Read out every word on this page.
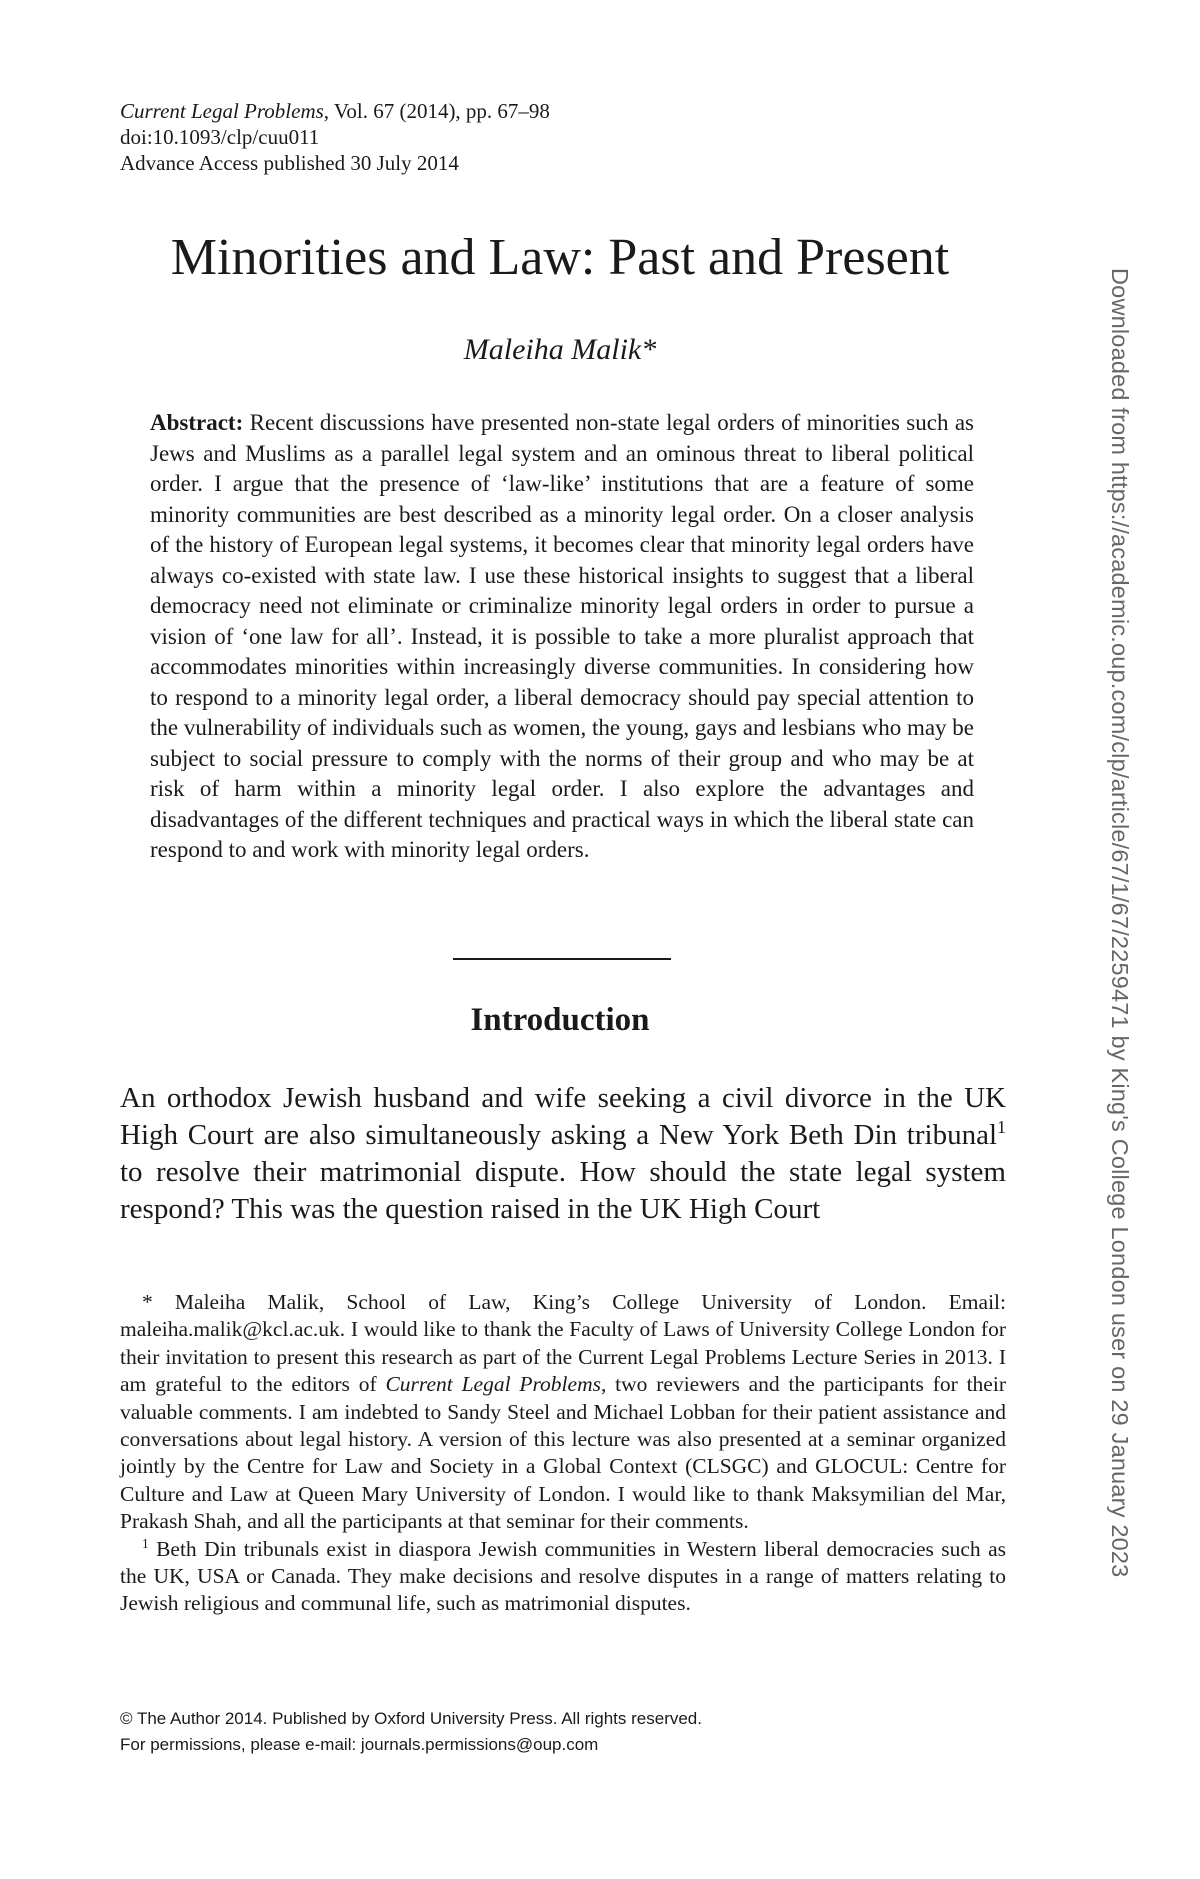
Current Legal Problems, Vol. 67 (2014), pp. 67–98
doi:10.1093/clp/cuu011
Advance Access published 30 July 2014
Minorities and Law: Past and Present
Maleiha Malik*

Abstract: Recent discussions have presented non-state legal orders of minorities such as Jews and Muslims as a parallel legal system and an ominous threat to liberal political order. I argue that the presence of ‘law-like’ institutions that are a feature of some minority communities are best described as a minority legal order. On a closer analysis of the history of European legal systems, it becomes clear that minority legal orders have always co-existed with state law. I use these historical insights to suggest that a liberal democracy need not eliminate or criminalize minority legal orders in order to pursue a vision of ‘one law for all’. Instead, it is possible to take a more pluralist approach that accommodates minorities within increasingly diverse communities. In considering how to respond to a minority legal order, a liberal democracy should pay special attention to the vulnerability of individuals such as women, the young, gays and lesbians who may be subject to social pressure to comply with the norms of their group and who may be at risk of harm within a minority legal order. I also explore the advantages and disadvantages of the different techniques and practical ways in which the liberal state can respond to and work with minority legal orders.

Introduction

An orthodox Jewish husband and wife seeking a civil divorce in the UK High Court are also simultaneously asking a New York Beth Din tribunal$^1$ to resolve their matrimonial dispute. How should the state legal system respond? This was the question raised in the UK High Court

* Maleiha Malik, School of Law, King’s College University of London. Email: maleiha.malik@kcl.ac.uk. I would like to thank the Faculty of Laws of University College London for their invitation to present this research as part of the Current Legal Problems Lecture Series in 2013. I am grateful to the editors of Current Legal Problems, two reviewers and the participants for their valuable comments. I am indebted to Sandy Steel and Michael Lobban for their patient assistance and conversations about legal history. A version of this lecture was also presented at a seminar organized jointly by the Centre for Law and Society in a Global Context (CLSGC) and GLOCUL: Centre for Culture and Law at Queen Mary University of London. I would like to thank Maksymilian del Mar, Prakash Shah, and all the participants at that seminar for their comments.

$^1$ Beth Din tribunals exist in diaspora Jewish communities in Western liberal democracies such as the UK, USA or Canada. They make decisions and resolve disputes in a range of matters relating to Jewish religious and communal life, such as matrimonial disputes.

© The Author 2014. Published by Oxford University Press. All rights reserved.
For permissions, please e-mail: journals.permissions@oup.com
Downloaded from https://academic.oup.com/clp/article/67/1/67/2259471 by King's College London user on 29 January 2023
